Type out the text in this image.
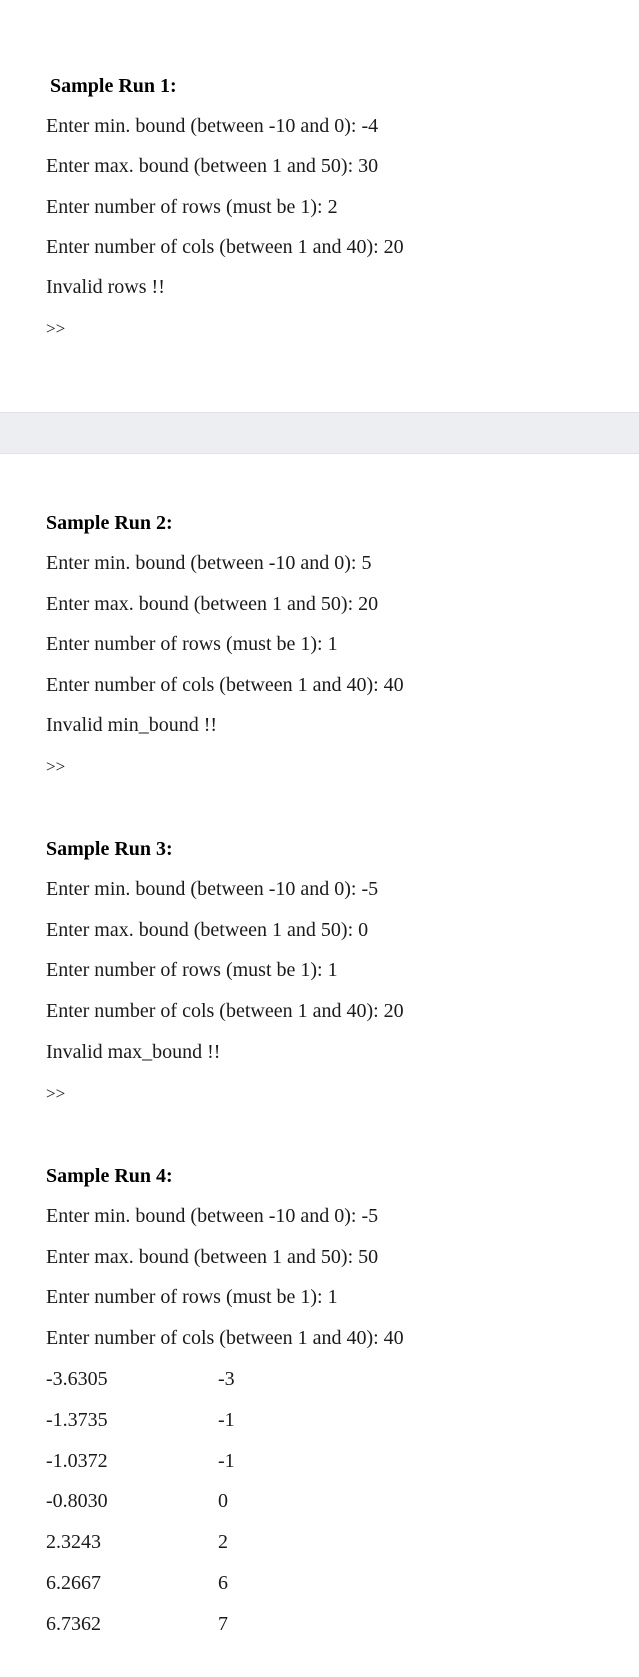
Sample Run 1:
Enter min. bound (between -10 and 0): -4
Enter max. bound (between 1 and 50): 30
Enter number of rows (must be 1): 2
Enter number of cols (between 1 and 40): 20
Invalid rows !!
>>
Sample Run 2:
Enter min. bound (between -10 and 0): 5
Enter max. bound (between 1 and 50): 20
Enter number of rows (must be 1): 1
Enter number of cols (between 1 and 40): 40
Invalid min_bound !!
>>
Sample Run 3:
Enter min. bound (between -10 and 0): -5
Enter max. bound (between 1 and 50): 0
Enter number of rows (must be 1): 1
Enter number of cols (between 1 and 40): 20
Invalid max_bound !!
>>
Sample Run 4:
Enter min. bound (between -10 and 0): -5
Enter max. bound (between 1 and 50): 50
Enter number of rows (must be 1): 1
Enter number of cols (between 1 and 40): 40
-3.6305	-3
-1.3735	-1
-1.0372	-1
-0.8030	0
2.3243	2
6.2667	6
6.7362	7
